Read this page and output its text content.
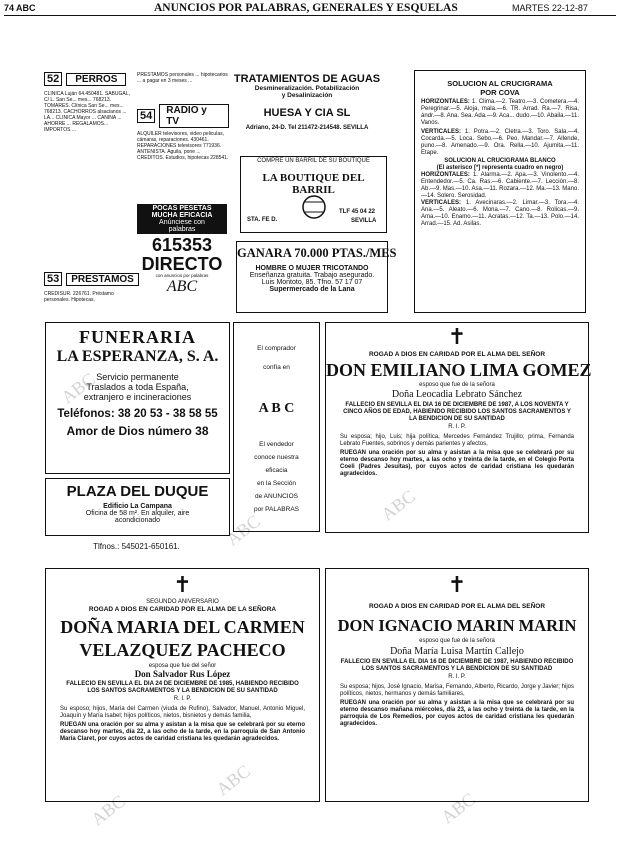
74 ABC	ANUNCIOS POR PALABRAS, GENERALES Y ESQUELAS	MARTES 22-12-87
52	PERROS
CLINICA Luján 64.450481. SABUGAL, C/ L. San Se... mes... 768213. TOMARES. Clínica San Se... mes... 768213. CACHORROS alsacianos ... LA... CLINICA Mayor ... CANINA ... AHORRE ... REGALAMOS... IMPORTOS ...
PRESTAMOS personales ... hipotecarios ... a pagar en 3 meses ...
54	RADIO y TV
ALQUILER televisores, video peliculas, cámaras, reparaciones. 430461. REPARACIONES televisores 771936. ANTENISTA. Aguila, pone ... CREDITOS. Estudios, hipotecas 228541.
POCAS PESETAS
MUCHA EFICACIA
Anúnciese con
palabras
615353
DIRECTO
con anuncios por palabras
ABC
53	PRESTAMOS
CREDISUR. 226761. Préstamo personales. Hipotecas.
TRATAMIENTOS DE AGUAS
Desmineralización. Potabilización
y Desalinización
HUESA Y CIA SL
Adriano, 24-D. Tel 211472-214548. SEVILLA
COMPRE UN BARRIL DE SU BOUTIQUE
LA BOUTIQUE DEL BARRIL
STA. FE D.
TLF 45 04 22
SEVILLA
GANARA 70.000 PTAS./MES
HOMBRE O MUJER TRICOTANDO
Enseñanza gratuita. Trabajo asegurado.
Luis Montoto, 85. Tfno. 57 17 07
Supermercado de la Lana
SOLUCION AL CRUCIGRAMA
POR COVA
HORIZONTALES: 1. Clima.—2. Teatro.—3. Cometera.—4. Peregrinar.—5. Aloja, mala.—6. TR. Arrad. Ra.—7. Risa, ándr.—8. Ana. Sea. Ada.—9. Aca... dudo.—10. Abaila.—11. Vanos.
VERTICALES: 1. Potra.—2. Cletra.—3. Toro. Sala.—4. Cocarda.—5. Loca. Sebo.—6. Peo. Mandar.—7. Allende, puno.—8. Amenado.—9. Ora. Rella.—10. Ajumita.—11. Etape.
SOLUCION AL CRUCIGRAMA BLANCO
(El asterisco [*] representa cuadro en negro)
HORIZONTALES: 1. Alarma.—2. Apa.—3. Vinolento.—4. Entendedor.—5. Ca. Ras.—6. Cabiente.—7. Lección.—8. Ab.—9. Mas.—10. Asa.—11. Rozara.—12. Ma.—13. Mano.—14. Solero. Serosidad.
VERTICALES: 1. Avecinaras.—2. Limar.—3. Tora.—4. Ana.—5. Aleato.—6. Mona.—7. Cano.—8. Rolicas.—9. Ama.—10. Enamo.—11. Acratas.—12. Ta.—13. Polo.—14. Arrad.—15. Ad. Asilas.
FUNERARIA
LA ESPERANZA, S. A.
Servicio permanente
Traslados a toda España,
extranjero e incineraciones
Teléfonos: 38 20 53 - 38 58 55
Amor de Dios número 38
El comprador
confía en
A B C
El vendedor
conoce nuestra
eficacia
en la Sección
de ANUNCIOS
por PALABRAS
PLAZA DEL DUQUE
Edificio La Campana
Oficina de 58 m². En alquiler, aire
acondicionado
Tlfnos.: 545021-650161.
✝
ROGAD A DIOS EN CARIDAD POR EL ALMA DEL SEÑOR
DON EMILIANO LIMA GOMEZ
esposo que fue de la señora
Doña Leocadia Lebrato Sánchez
FALLECIO EN SEVILLA EL DIA 16 DE DICIEMBRE DE 1987, A LOS NOVENTA Y CINCO AÑOS DE EDAD, HABIENDO RECIBIDO LOS SANTOS SACRAMENTOS Y LA BENDICION DE SU SANTIDAD
R. I. P.
Su esposa; hijo, Luis; hija política, Mercedes Fernández Trujillo; prima, Fernanda Lebrato Fuentes, sobrinos y demás parientes y afectos,
RUEGAN una oración por su alma y asistan a la misa que se celebrará por su eterno descanso hoy martes, a las ocho y treinta de la tarde, en el Colegio Porta Coeli (Padres Jesuitas), por cuyos actos de caridad cristiana les quedarán agradecidos.
✝
SEGUNDO ANIVERSARIO
ROGAD A DIOS EN CARIDAD POR EL ALMA DE LA SEÑORA
DOÑA MARIA DEL CARMEN
VELAZQUEZ PACHECO
esposa que fue del señor
Don Salvador Rus López
FALLECIO EN SEVILLA EL DIA 24 DE DICIEMBRE DE 1985, HABIENDO RECIBIDO LOS SANTOS SACRAMENTOS Y LA BENDICION DE SU SANTIDAD
R. I. P.
Su esposo; hijos, María del Carmen (viuda de Rufino), Salvador, Manuel, Antonio Miguel, Joaquín y María Isabel; hijos políticos, nietos, bisnietos y demás familia,
RUEGAN una oración por su alma y asistan a la misa que se celebrará por su eterno descanso hoy martes, día 22, a las ocho de la tarde, en la parroquia de San Antonio María Claret, por cuyos actos de caridad cristiana les quedarán agradecidos.
✝
ROGAD A DIOS EN CARIDAD POR EL ALMA DEL SEÑOR
DON IGNACIO MARIN MARIN
esposo que fue de la señora
Doña María Luisa Martín Callejo
FALLECIO EN SEVILLA EL DIA 16 DE DICIEMBRE DE 1987, HABIENDO RECIBIDO LOS SANTOS SACRAMENTOS Y LA BENDICION DE SU SANTIDAD
R. I. P.
Su esposa; hijos, José Ignacio, Marisa, Fernando, Alberto, Ricardo, Jorge y Javier; hijos políticos, nietos, hermanos y demás familiares,
RUEGAN una oración por su alma y asistan a la misa que se celebrará por su eterno descanso mañana miércoles, día 23, a las ocho y treinta de la tarde, en la parroquia de Los Remedios, por cuyos actos de caridad cristiana les quedarán agradecidos.
ABC
ABC
ABC
ABC
ABC
ABC
